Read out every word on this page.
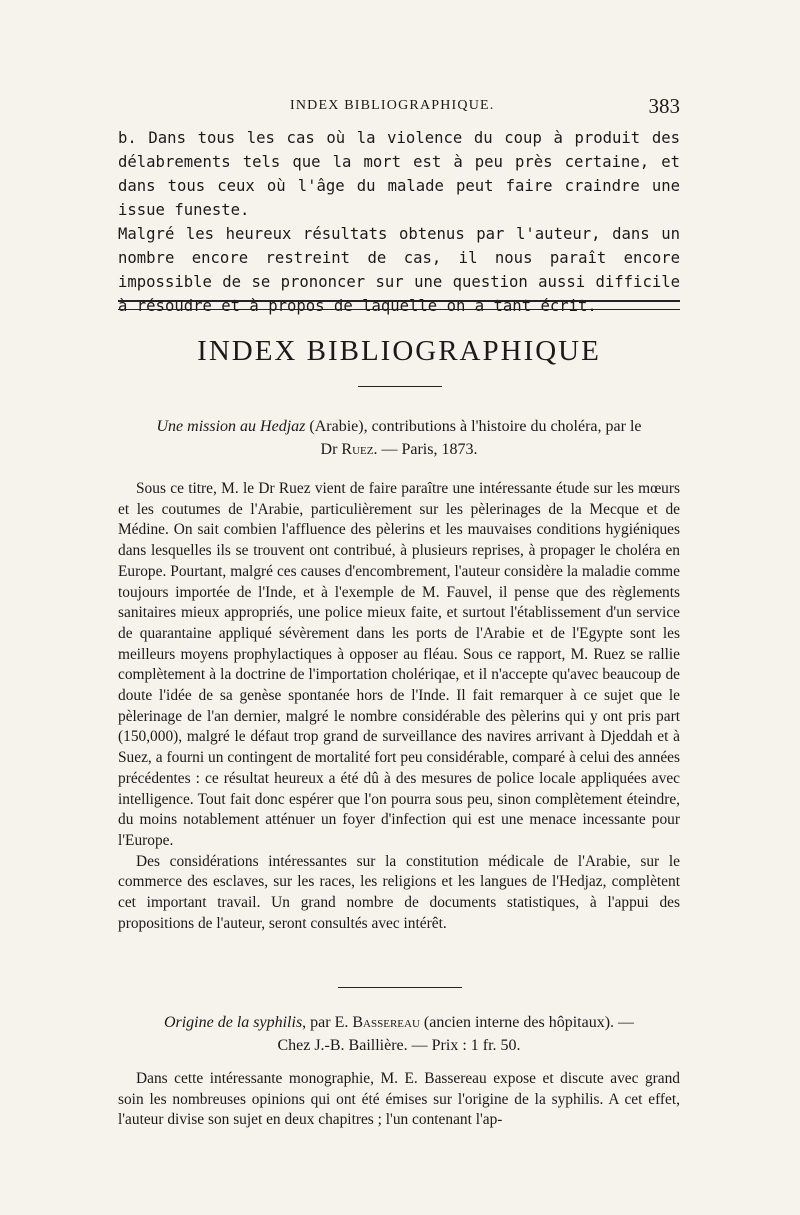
INDEX BIBLIOGRAPHIQUE.	383

b. Dans tous les cas où la violence du coup à produit des délabrements tels que la mort est à peu près certaine, et dans tous ceux où l'âge du malade peut faire craindre une issue funeste.

Malgré les heureux résultats obtenus par l'auteur, dans un nombre encore restreint de cas, il nous paraît encore impossible de se prononcer sur une question aussi difficile à résoudre et à propos de laquelle on a tant écrit.

INDEX BIBLIOGRAPHIQUE

Une mission au Hedjaz (Arabie), contributions à l'histoire du choléra, par le
Dr Ruez. — Paris, 1873.

Sous ce titre, M. le Dr Ruez vient de faire paraître une intéressante étude sur les mœurs et les coutumes de l'Arabie, particulièrement sur les pèlerinages de la Mecque et de Médine. On sait combien l'affluence des pèlerins et les mauvaises conditions hygiéniques dans lesquelles ils se trouvent ont contribué, à plusieurs reprises, à propager le choléra en Europe. Pourtant, malgré ces causes d'encombrement, l'auteur considère la maladie comme toujours importée de l'Inde, et à l'exemple de M. Fauvel, il pense que des règlements sanitaires mieux appropriés, une police mieux faite, et surtout l'établissement d'un service de quarantaine appliqué sévèrement dans les ports de l'Arabie et de l'Egypte sont les meilleurs moyens prophylactiques à opposer au fléau. Sous ce rapport, M. Ruez se rallie complètement à la doctrine de l'importation cholériqae, et il n'accepte qu'avec beaucoup de doute l'idée de sa genèse spontanée hors de l'Inde. Il fait remarquer à ce sujet que le pèlerinage de l'an dernier, malgré le nombre considérable des pèlerins qui y ont pris part (150,000), malgré le défaut trop grand de surveillance des navires arrivant à Djeddah et à Suez, a fourni un contingent de mortalité fort peu considérable, comparé à celui des années précédentes : ce résultat heureux a été dû à des mesures de police locale appliquées avec intelligence. Tout fait donc espérer que l'on pourra sous peu, sinon complètement éteindre, du moins notablement atténuer un foyer d'infection qui est une menace incessante pour l'Europe.

Des considérations intéressantes sur la constitution médicale de l'Arabie, sur le commerce des esclaves, sur les races, les religions et les langues de l'Hedjaz, complètent cet important travail. Un grand nombre de documents statistiques, à l'appui des propositions de l'auteur, seront consultés avec intérêt.

Origine de la syphilis, par E. Bassereau (ancien interne des hôpitaux). —
Chez J.-B. Baillière. — Prix : 1 fr. 50.

Dans cette intéressante monographie, M. E. Bassereau expose et discute avec grand soin les nombreuses opinions qui ont été émises sur l'origine de la syphilis. A cet effet, l'auteur divise son sujet en deux chapitres ; l'un contenant l'ap-
